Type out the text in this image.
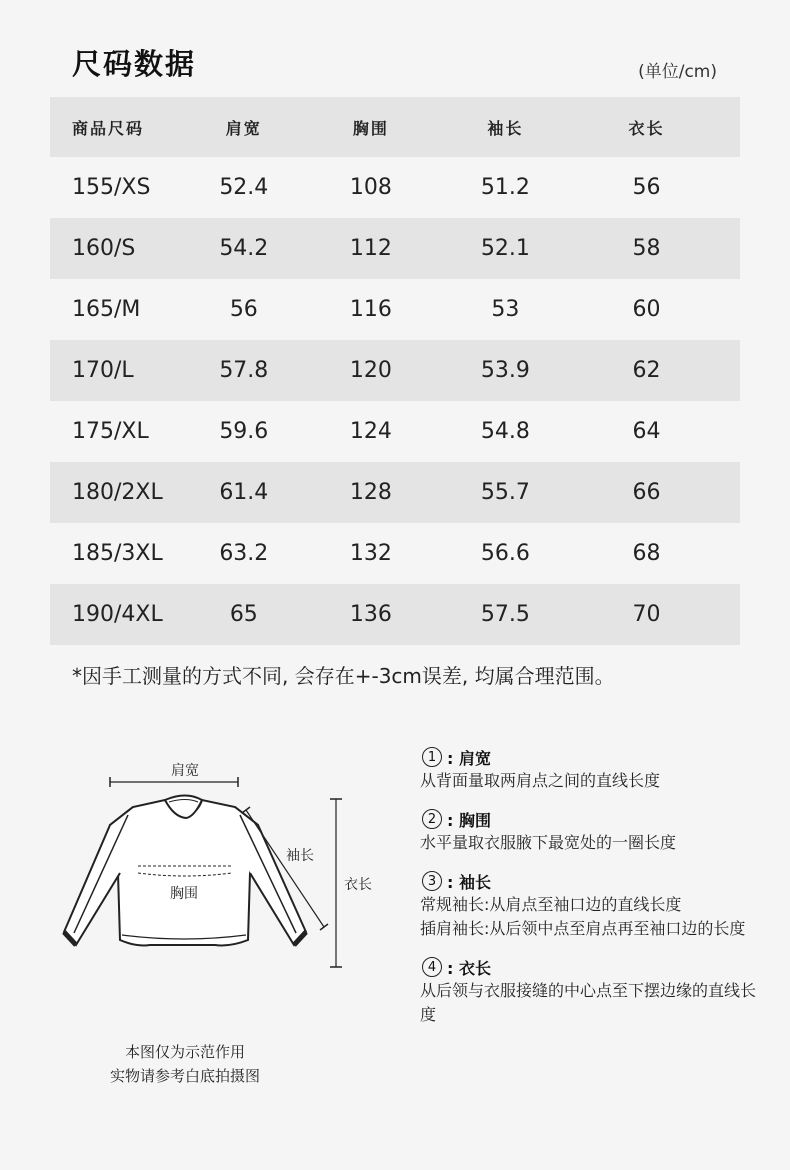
尺码数据	(单位/cm)
商品尺码	肩宽	胸围	袖长	衣长
155/XS	52.4	108	51.2	56
160/S	54.2	112	52.1	58
165/M	56	116	53	60
170/L	57.8	120	53.9	62
175/XL	59.6	124	54.8	64
180/2XL	61.4	128	55.7	66
185/3XL	63.2	132	56.6	68
190/4XL	65	136	57.5	70
*因手工测量的方式不同, 会存在+-3cm误差, 均属合理范围。
肩宽
胸围
袖长
衣长
本图仅为示范作用
实物请参考白底拍摄图
1 : 肩宽
从背面量取两肩点之间的直线长度
2 : 胸围
水平量取衣服腋下最宽处的一圈长度
3 : 袖长
常规袖长: 从肩点至袖口边的直线长度
插肩袖长: 从后领中点至肩点再至袖口边的长度
4 : 衣长
从后领与衣服接缝的中心点至下摆边缘的直线长度
